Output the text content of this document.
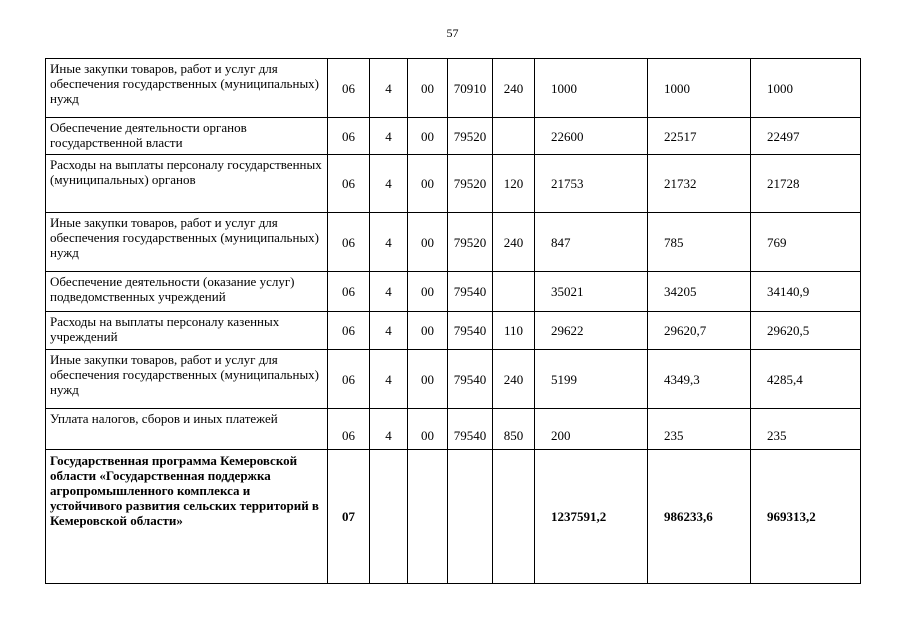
57
Иные закупки товаров, работ и услуг для обеспечения государственных (муниципальных) нужд	06	4	00	70910	240	1000	1000	1000
Обеспечение деятельности органов государственной власти	06	4	00	79520		22600	22517	22497
Расходы на выплаты персоналу государственных (муниципальных) органов	06	4	00	79520	120	21753	21732	21728
Иные закупки товаров, работ и услуг для обеспечения государственных (муниципальных) нужд	06	4	00	79520	240	847	785	769
Обеспечение деятельности (оказание услуг) подведомственных учреждений	06	4	00	79540		35021	34205	34140,9
Расходы на выплаты персоналу казенных учреждений	06	4	00	79540	110	29622	29620,7	29620,5
Иные закупки товаров, работ и услуг для обеспечения государственных (муниципальных) нужд	06	4	00	79540	240	5199	4349,3	4285,4
Уплата налогов, сборов и иных платежей	06	4	00	79540	850	200	235	235
Государственная программа Кемеровской области «Государственная поддержка агропромышленного комплекса и устойчивого развития сельских территорий в Кемеровской области»	07					1237591,2	986233,6	969313,2
